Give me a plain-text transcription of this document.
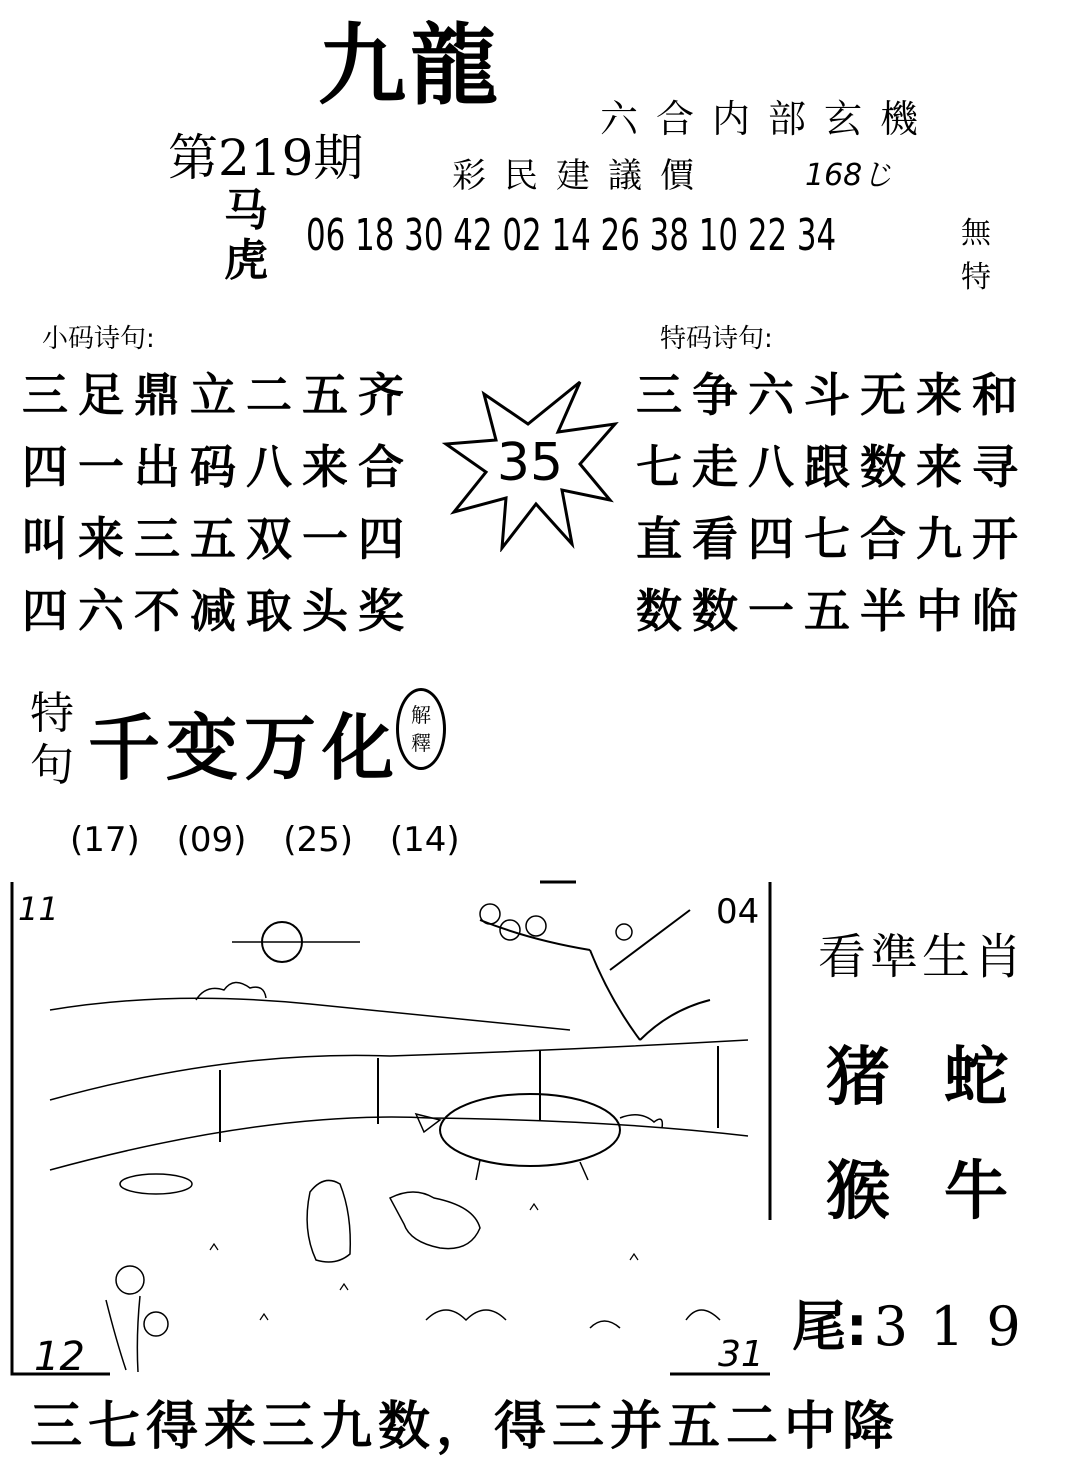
九龍
六合内部玄機
第219期	彩民建議價	168じ
马
虎 06 18 30 42 02 14 26 38 10 22 34	無
特
小码诗句:
三足鼎立二五齐
四一出码八来合
叫来三五双一四
四六不减取头奖
35
特码诗句:
三争六斗无来和
七走八跟数来寻
直看四七合九开
数数一五半中临
特
句 千变万化 解
釋
(17) (09) (25) (14)
11	04
12	31
看準生肖
猪 蛇
猴 牛
尾: 319
三七得来三九数，得三并五二中降
